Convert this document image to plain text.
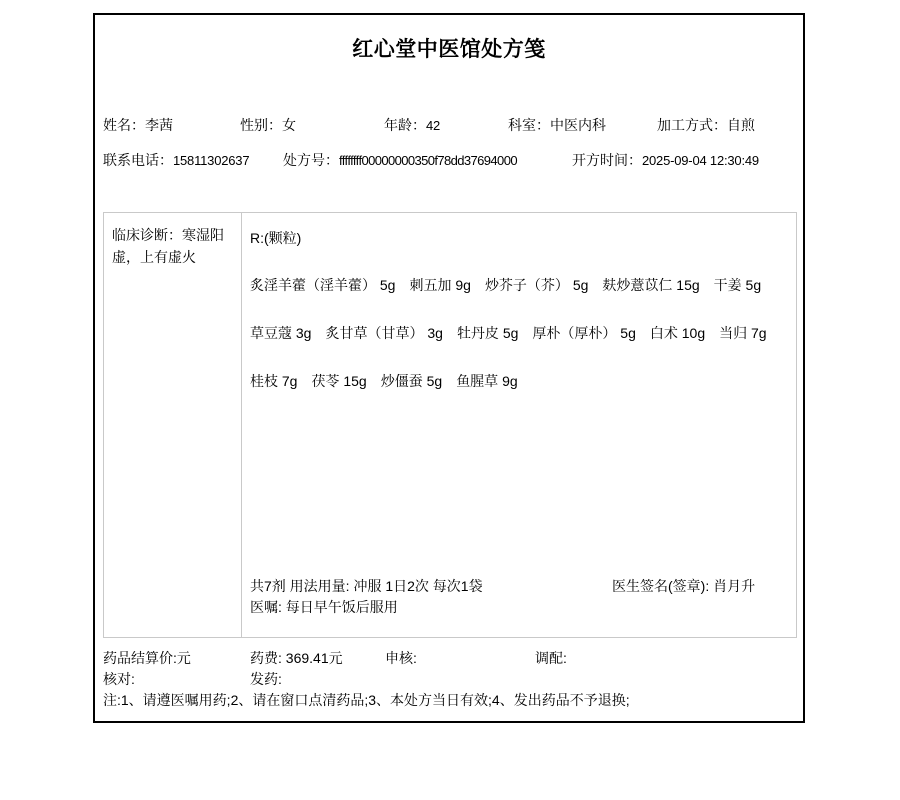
红心堂中医馆处方笺
姓名：李茜	性别：女	年龄：42	科室：中医内科	加工方式：自煎
联系电话：15811302637 处方号：ffffffff00000000350f78dd37694000	开方时间：2025-09-04 12:30:49
临床诊断：寒湿阳虚，上有虚火
R:(颗粒)
炙淫羊藿（淫羊藿） 5g 刺五加 9g 炒芥子（芥） 5g 麸炒薏苡仁 15g 干姜 5g
草豆蔻 3g 炙甘草（甘草） 3g 牡丹皮 5g 厚朴（厚朴） 5g 白术 10g 当归 7g
桂枝 7g 茯苓 15g 炒僵蚕 5g 鱼腥草 9g
共7剂 用法用量: 冲服 1日2次 每次1袋
医嘱: 每日早午饭后服用
医生签名(签章): 肖月升
药品结算价:元	药费: 369.41元	申核:	调配:
核对:	发药:
注:1、请遵医嘱用药;2、请在窗口点清药品;3、本处方当日有效;4、发出药品不予退换;
